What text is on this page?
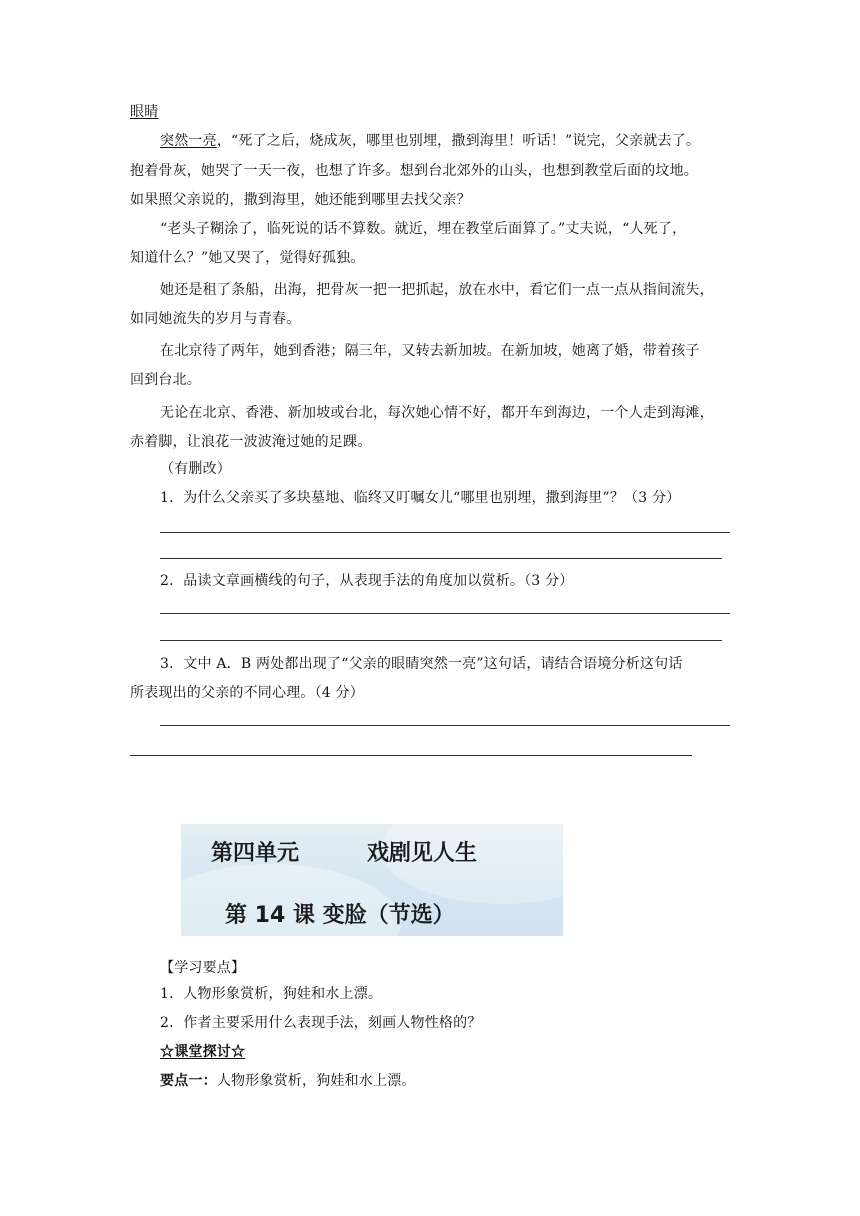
眼睛
突然一亮，“死了之后，烧成灰，哪里也别埋，撒到海里！听话！”说完，父亲就去了。
抱着骨灰，她哭了一天一夜，也想了许多。想到台北郊外的山头，也想到教堂后面的坟地。
如果照父亲说的，撒到海里，她还能到哪里去找父亲？
“老头子糊涂了，临死说的话不算数。就近，埋在教堂后面算了。”丈夫说，“人死了，
知道什么？”她又哭了，觉得好孤独。
她还是租了条船，出海，把骨灰一把一把抓起，放在水中，看它们一点一点从指间流失，
如同她流失的岁月与青春。
在北京待了两年，她到香港；隔三年，又转去新加坡。在新加坡，她离了婚，带着孩子
回到台北。
无论在北京、香港、新加坡或台北，每次她心情不好，都开车到海边，一个人走到海滩，
赤着脚，让浪花一波波淹过她的足踝。
（有删改）
1．为什么父亲买了多块墓地、临终又叮嘱女儿“哪里也别埋，撒到海里”？（3 分）
2．品读文章画横线的句子，从表现手法的角度加以赏析。（3 分）
3．文中 A．B 两处都出现了“父亲的眼睛突然一亮”这句话，请结合语境分析这句话
所表现出的父亲的不同心理。（4 分）
第四单元	戏剧见人生
第 14 课 变脸（节选）
【学习要点】
1．人物形象赏析，狗娃和水上漂。
2．作者主要采用什么表现手法，刻画人物性格的？
☆课堂探讨☆
要点一：人物形象赏析，狗娃和水上漂。
